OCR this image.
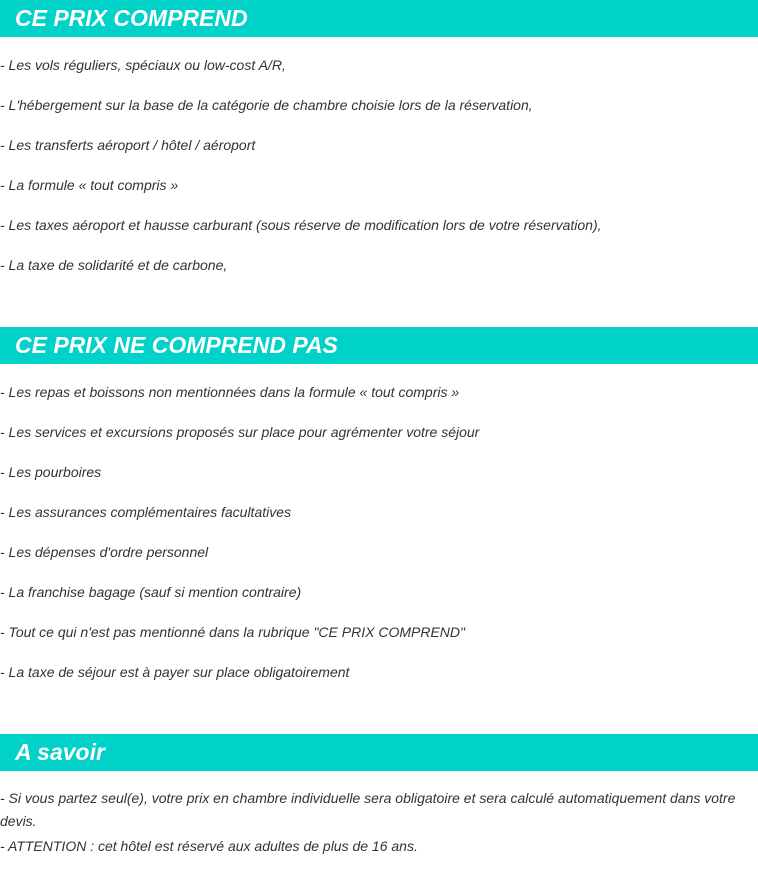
CE PRIX COMPREND
- Les vols réguliers, spéciaux ou low-cost A/R,
- L'hébergement sur la base de la catégorie de chambre choisie lors de la réservation,
- Les transferts aéroport / hôtel / aéroport
- La formule « tout compris »
- Les taxes aéroport et hausse carburant (sous réserve de modification lors de votre réservation),
- La taxe de solidarité et de carbone,
CE PRIX NE COMPREND PAS
- Les repas et boissons non mentionnées dans la formule « tout compris »
- Les services et excursions proposés sur place pour agrémenter votre séjour
- Les pourboires
- Les assurances complémentaires facultatives
- Les dépenses d'ordre personnel
- La franchise bagage (sauf si mention contraire)
- Tout ce qui n'est pas mentionné dans la rubrique "CE PRIX COMPREND"
- La taxe de séjour est à payer sur place obligatoirement
A savoir
- Si vous partez seul(e), votre prix en chambre individuelle sera obligatoire et sera calculé automatiquement dans votre devis.
- ATTENTION : cet hôtel est réservé aux adultes de plus de 16 ans.
